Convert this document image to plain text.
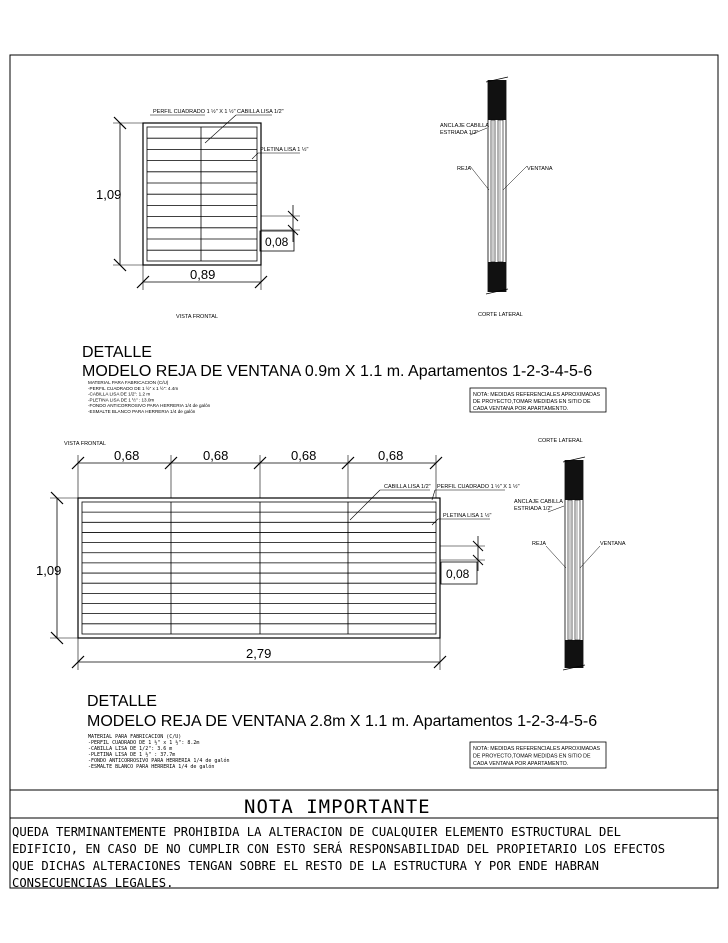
1,09
0,89
0,08
PERFIL CUADRADO 1 ½" X 1 ½" CABILLA LISA 1/2"
PLETINA LISA 1 ½"
VISTA FRONTAL
ANCLAJE CABILLA
ESTRIADA 1/2"
REJA	VENTANA
CORTE LATERAL
DETALLE
MODELO REJA DE VENTANA 0.9m X 1.1 m. Apartamentos 1-2-3-4-5-6
MATERIAL PARA FABRICACION (C/U)
-PERFIL CUADRADO DE 1 ½" x 1 ½": 4.4m
-CABILLA LISA DE 1/2": 1.2 m
-PLETINA LISA DE 1 ½" : 13.0m
-FONDO ANTICORROSIVO PARA HERRERIA 1/4 de galón
-ESMALTE BLANCO PARA HERRERIA 1/4 de galón
NOTA: MEDIDAS REFERENCIALES APROXIMADAS
DE PROYECTO,TOMAR MEDIDAS EN SITIO DE
CADA VENTANA POR APARTAMENTO.
VISTA FRONTAL	CORTE LATERAL
0,68	0,68	0,68	0,68
1,09
2,79
0,08
CABILLA LISA 1/2" PERFIL CUADRADO 1 ½" X 1 ½"
PLETINA LISA 1 ½"
ANCLAJE CABILLA
ESTRIADA 1/2"
REJA	VENTANA
DETALLE
MODELO REJA DE VENTANA 2.8m X 1.1 m. Apartamentos 1-2-3-4-5-6
MATERIAL PARA FABRICACION (C/U)
-PERFIL CUADRADO DE 1 ½" x 1 ½": 8.2m
-CABILLA LISA DE 1/2": 3.6 m
-PLETINA LISA DE 1 ½" : 37.7m
-FONDO ANTICORROSIVO PARA HERRERIA 1/4 de galón
-ESMALTE BLANCO PARA HERRERIA 1/4 de galón
NOTA: MEDIDAS REFERENCIALES APROXIMADAS
DE PROYECTO,TOMAR MEDIDAS EN SITIO DE
CADA VENTANA POR APARTAMENTO.
NOTA IMPORTANTE
QUEDA TERMINANTEMENTE PROHIBIDA LA ALTERACION DE CUALQUIER ELEMENTO ESTRUCTURAL DEL
EDIFICIO, EN CASO DE NO CUMPLIR CON ESTO SERÁ RESPONSABILIDAD DEL PROPIETARIO LOS EFECTOS
QUE DICHAS ALTERACIONES TENGAN SOBRE EL RESTO DE LA ESTRUCTURA Y POR ENDE HABRAN
CONSECUENCIAS LEGALES.
